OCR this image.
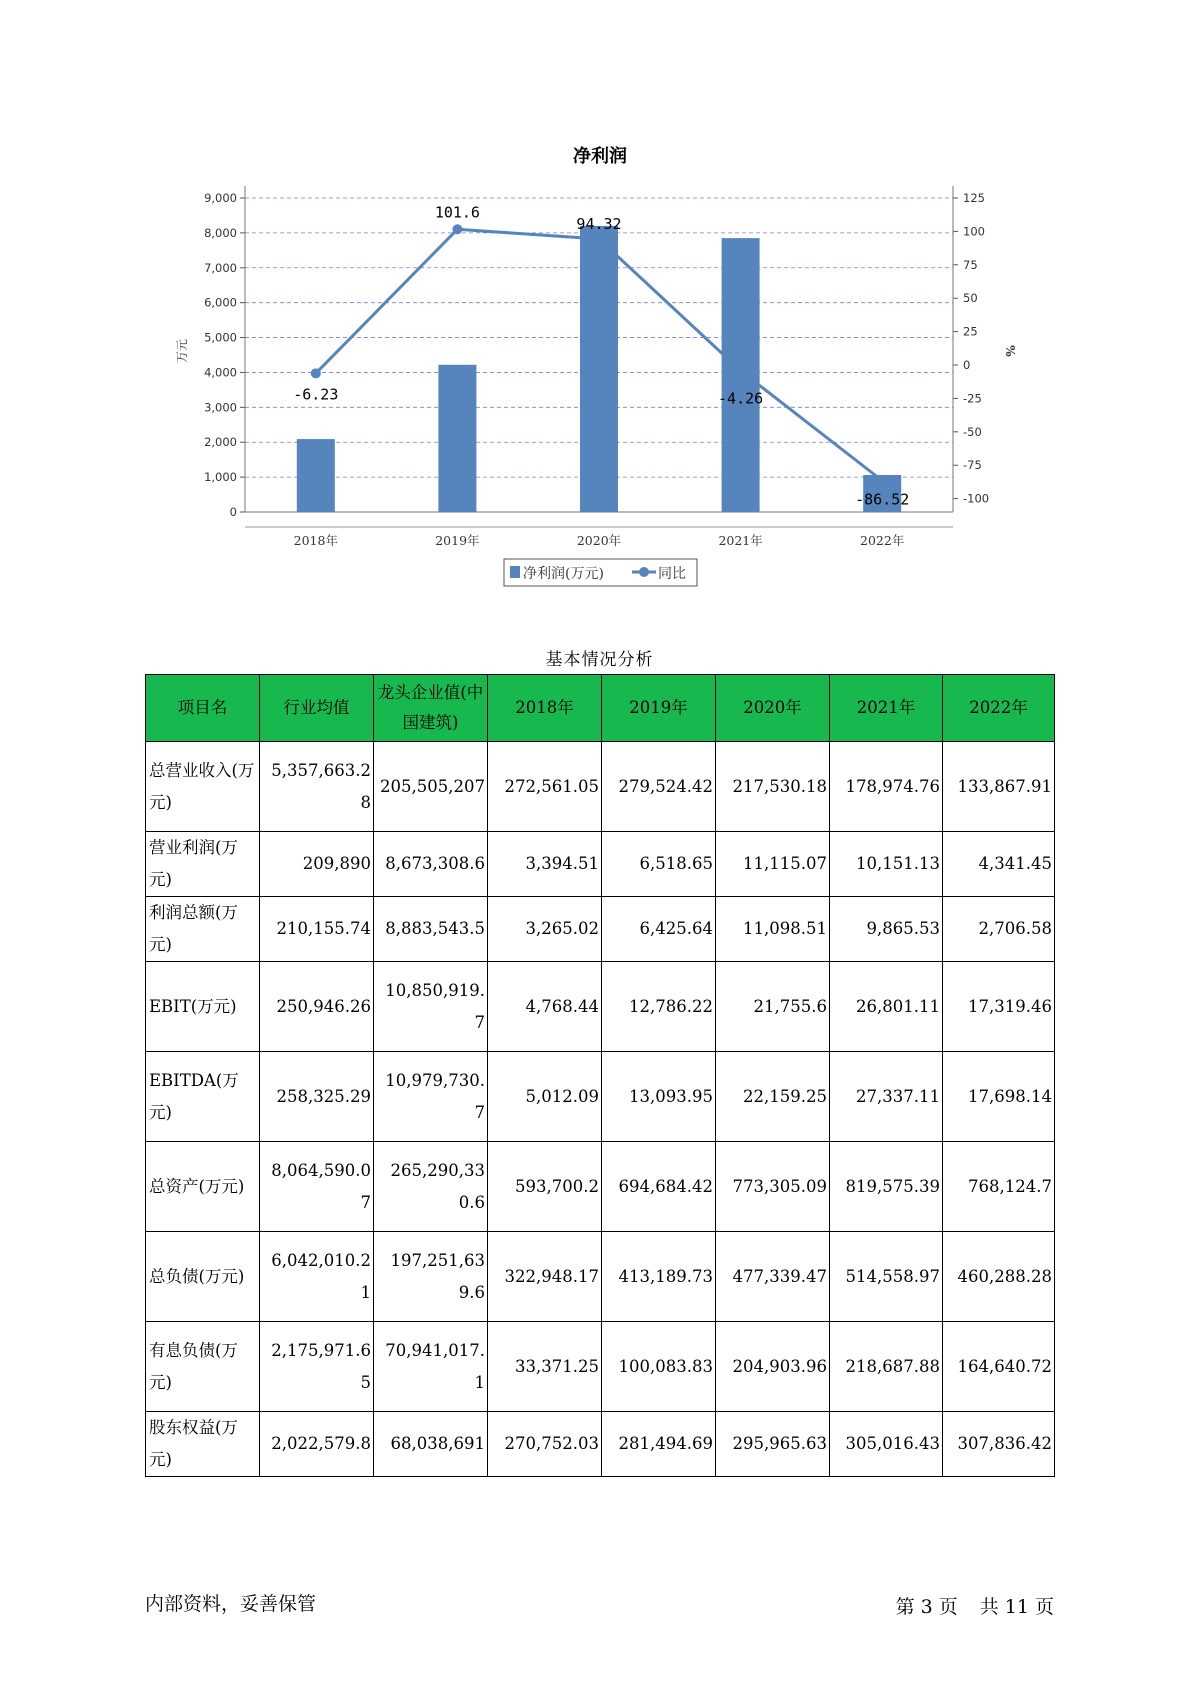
净利润
0
1,000
2,000
3,000
4,000
5,000
6,000
7,000
8,000
9,000
-100
-75
-50
-25
0
25
50
75
100
125
2018年	2019年	2020年	2021年	2022年
-6.23
101.6
94.32
-4.26
-86.52
万元	%
净利润(万元)	同比
基本情况分析
项目名	行业均值	龙头企业值(中国建筑)	2018年	2019年	2020年	2021年	2022年
总营业收入(万元)	5,357,663.28	205,505,207	272,561.05	279,524.42	217,530.18	178,974.76	133,867.91
营业利润(万元)	209,890	8,673,308.6	3,394.51	6,518.65	11,115.07	10,151.13	4,341.45
利润总额(万元)	210,155.74	8,883,543.5	3,265.02	6,425.64	11,098.51	9,865.53	2,706.58
EBIT(万元)	250,946.26	10,850,919.7	4,768.44	12,786.22	21,755.6	26,801.11	17,319.46
EBITDA(万元)	258,325.29	10,979,730.7	5,012.09	13,093.95	22,159.25	27,337.11	17,698.14
总资产(万元)	8,064,590.07	265,290,330.6	593,700.2	694,684.42	773,305.09	819,575.39	768,124.7
总负债(万元)	6,042,010.21	197,251,639.6	322,948.17	413,189.73	477,339.47	514,558.97	460,288.28
有息负债(万元)	2,175,971.65	70,941,017.1	33,371.25	100,083.83	204,903.96	218,687.88	164,640.72
股东权益(万元)	2,022,579.8	68,038,691	270,752.03	281,494.69	295,965.63	305,016.43	307,836.42
内部资料，妥善保管	第 3 页 共 11 页
